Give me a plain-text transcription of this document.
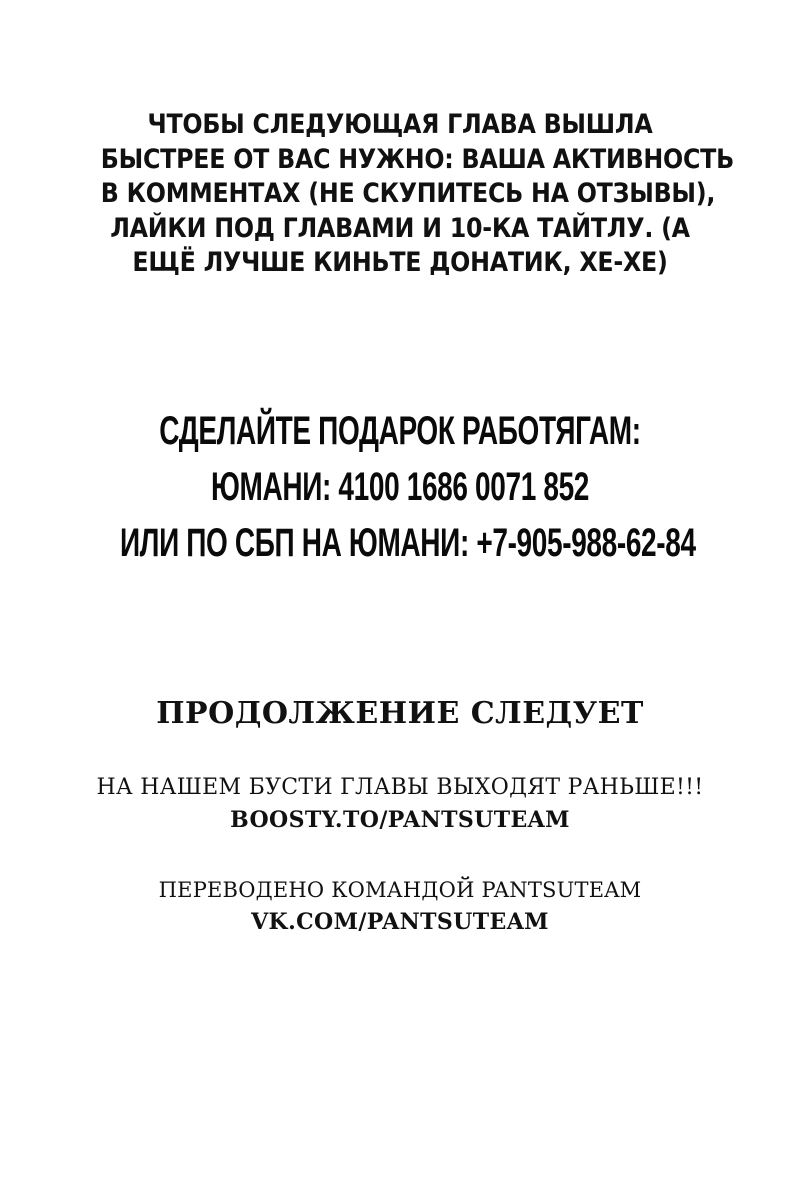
ЧТОБЫ СЛЕДУЮЩАЯ ГЛАВА ВЫШЛА
БЫСТРЕЕ ОТ ВАС НУЖНО: ВАША АКТИВНОСТЬ
В КОММЕНТАХ (НЕ СКУПИТЕСЬ НА ОТЗЫВЫ),
ЛАЙКИ ПОД ГЛАВАМИ И 10-КА ТАЙТЛУ. (А
ЕЩЁ ЛУЧШЕ КИНЬТЕ ДОНАТИК, ХЕ-ХЕ)
СДЕЛАЙТЕ ПОДАРОК РАБОТЯГАМ:
ЮМАНИ: 4100 1686 0071 852
ИЛИ ПО СБП НА ЮМАНИ: +7-905-988-62-84
ПРОДОЛЖЕНИЕ СЛЕДУЕТ
НА НАШЕМ БУСТИ ГЛАВЫ ВЫХОДЯТ РАНЬШЕ!!!
BOOSTY.TO/PANTSUTEAM
ПЕРЕВОДЕНО КОМАНДОЙ PANTSUTEAM
VK.COM/PANTSUTEAM
